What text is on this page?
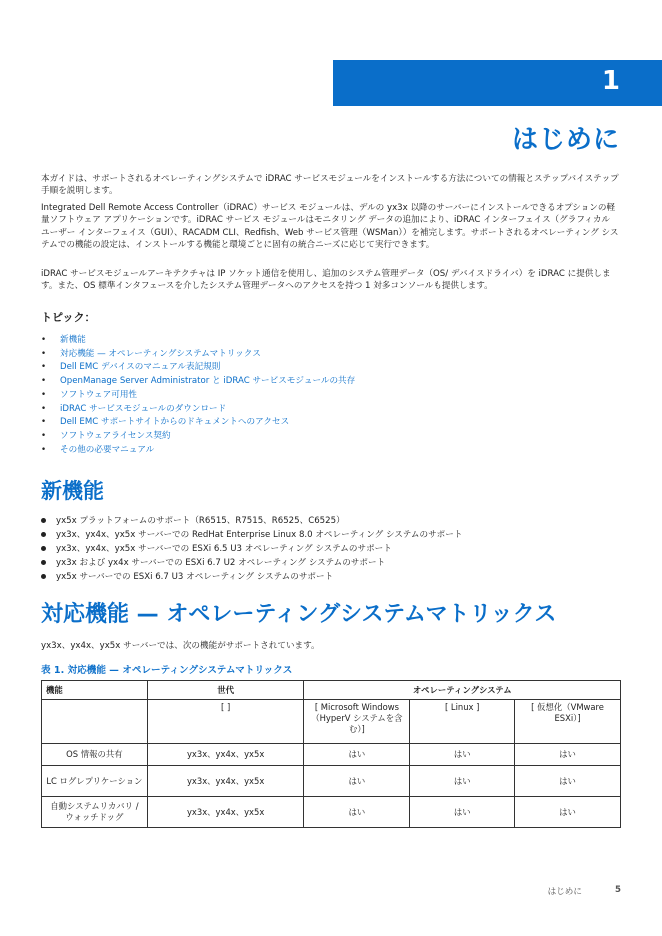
1
はじめに

本ガイドは、サポートされるオペレーティングシステムで iDRAC サービスモジュールをインストールする方法についての情報とステップバイステップ手順を説明します。

Integrated Dell Remote Access Controller（iDRAC）サービス モジュールは、デルの yx3x 以降のサーバーにインストールできるオプションの軽量ソフトウェア アプリケーションです。iDRAC サービス モジュールはモニタリング データの追加により、iDRAC インターフェイス（グラフィカル ユーザー インターフェイス（GUI）、RACADM CLI、Redfish、Web サービス管理（WSMan））を補完します。サポートされるオペレーティング システムでの機能の設定は、インストールする機能と環境ごとに固有の統合ニーズに応じて実行できます。

iDRAC サービスモジュールアーキテクチャは IP ソケット通信を使用し、追加のシステム管理データ（OS/ デバイスドライバ）を iDRAC に提供します。また、OS 標準インタフェースを介したシステム管理データへのアクセスを持つ 1 対多コンソールも提供します。

トピック：
• 新機能
• 対応機能 — オペレーティングシステムマトリックス
• Dell EMC デバイスのマニュアル表記規則
• OpenManage Server Administrator と iDRAC サービスモジュールの共存
• ソフトウェア可用性
• iDRAC サービスモジュールのダウンロード
• Dell EMC サポートサイトからのドキュメントへのアクセス
• ソフトウェアライセンス契約
• その他の必要マニュアル
新機能
yx5x プラットフォームのサポート（R6515、R7515、R6525、C6525）
yx3x、yx4x、yx5x サーバーでの RedHat Enterprise Linux 8.0 オペレーティング システムのサポート
yx3x、yx4x、yx5x サーバーでの ESXi 6.5 U3 オペレーティング システムのサポート
yx3x および yx4x サーバーでの ESXi 6.7 U2 オペレーティング システムのサポート
yx5x サーバーでの ESXi 6.7 U3 オペレーティング システムのサポート
対応機能 — オペレーティングシステムマトリックス

yx3x、yx4x、yx5x サーバーでは、次の機能がサポートされています。

表 1. 対応機能 — オペレーティングシステムマトリックス
機能	世代	オペレーティングシステム		
	[ ]	[ Microsoft Windows（HyperV システムを含む）]	[ Linux ]	[ 仮想化（VMware ESXi）]
OS 情報の共有	yx3x、yx4x、yx5x	はい	はい	はい
LC ログレプリケーション	yx3x、yx4x、yx5x	はい	はい	はい
自動システムリカバリ / ウォッチドッグ	yx3x、yx4x、yx5x	はい	はい	はい
はじめに	5
